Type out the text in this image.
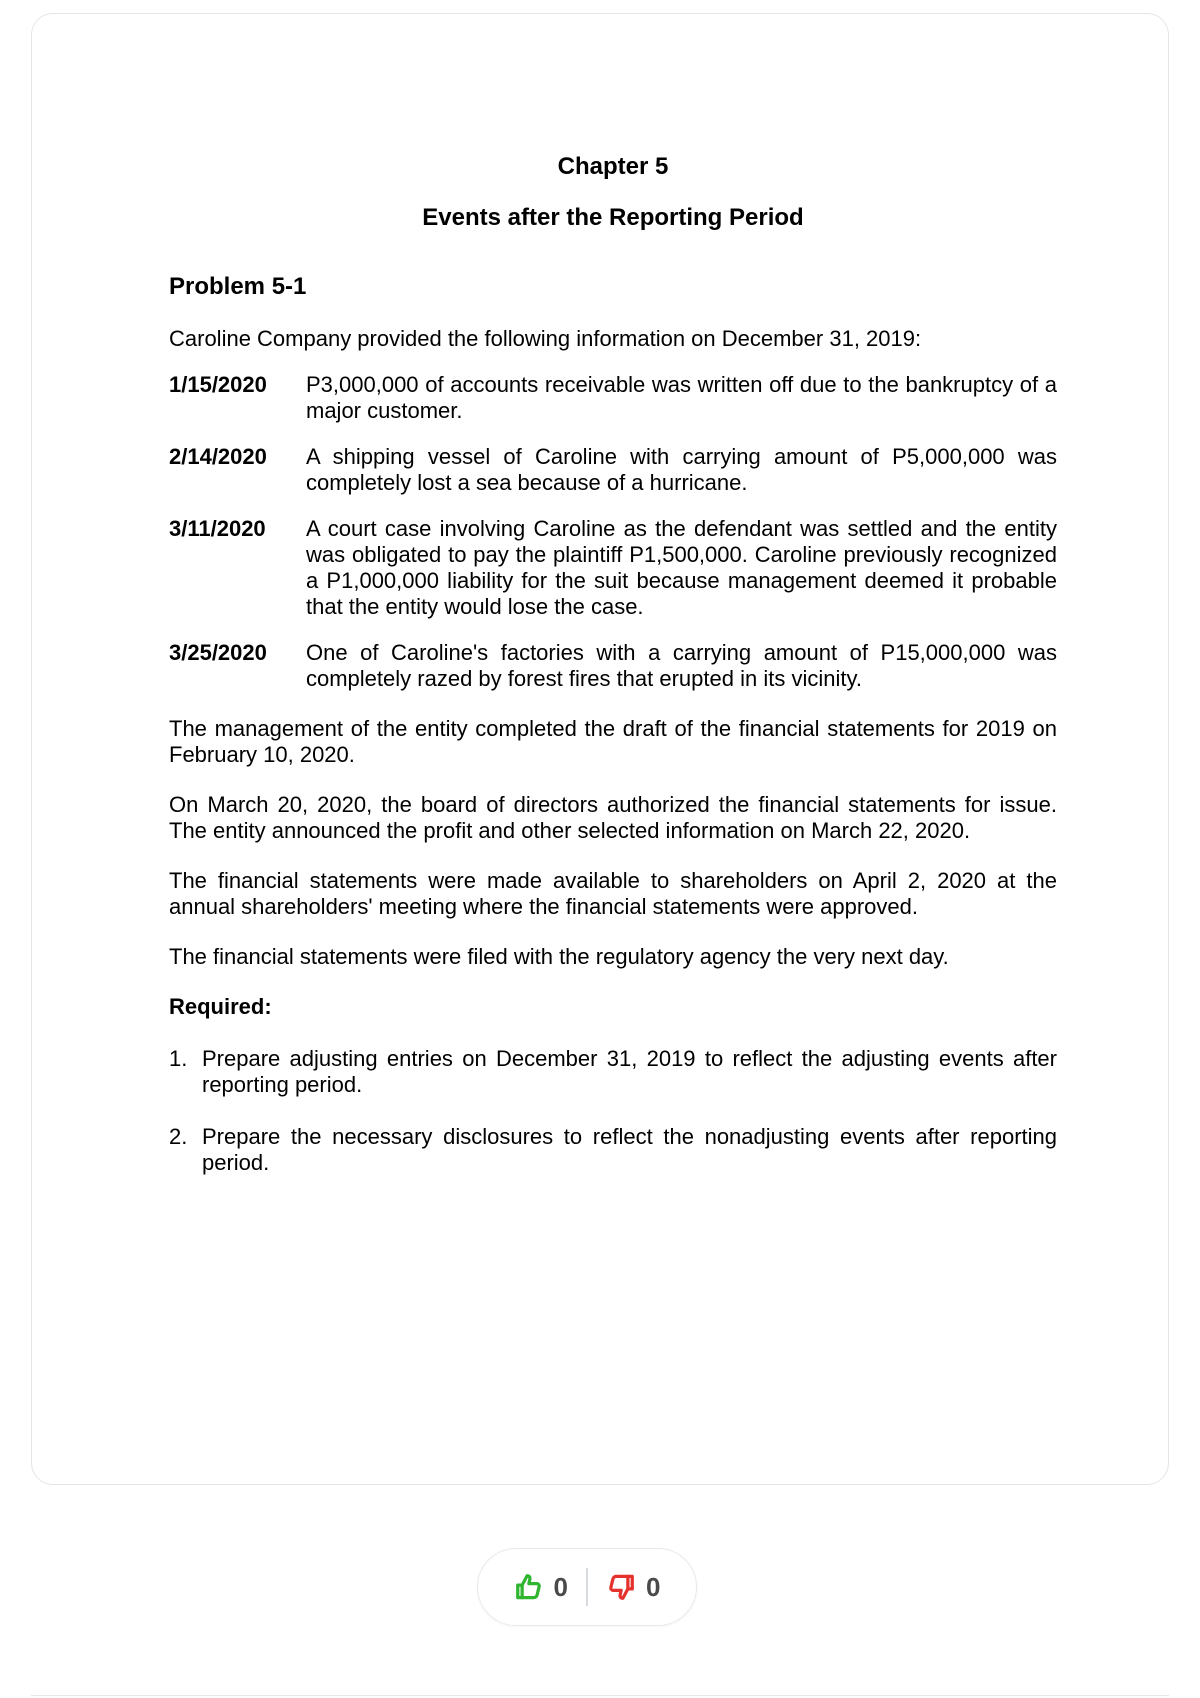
Chapter 5
Events after the Reporting Period
Problem 5-1
Caroline Company provided the following information on December 31, 2019:
1/15/2020	P3,000,000 of accounts receivable was written off due to the bankruptcy of a major customer.
2/14/2020	A shipping vessel of Caroline with carrying amount of P5,000,000 was completely lost a sea because of a hurricane.
3/11/2020	A court case involving Caroline as the defendant was settled and the entity was obligated to pay the plaintiff P1,500,000. Caroline previously recognized a P1,000,000 liability for the suit because management deemed it probable that the entity would lose the case.
3/25/2020	One of Caroline's factories with a carrying amount of P15,000,000 was completely razed by forest fires that erupted in its vicinity.
The management of the entity completed the draft of the financial statements for 2019 on February 10, 2020.
On March 20, 2020, the board of directors authorized the financial statements for issue. The entity announced the profit and other selected information on March 22, 2020.
The financial statements were made available to shareholders on April 2, 2020 at the annual shareholders' meeting where the financial statements were approved.
The financial statements were filed with the regulatory agency the very next day.
Required:
1. Prepare adjusting entries on December 31, 2019 to reflect the adjusting events after reporting period.
2. Prepare the necessary disclosures to reflect the nonadjusting events after reporting period.
0	0
